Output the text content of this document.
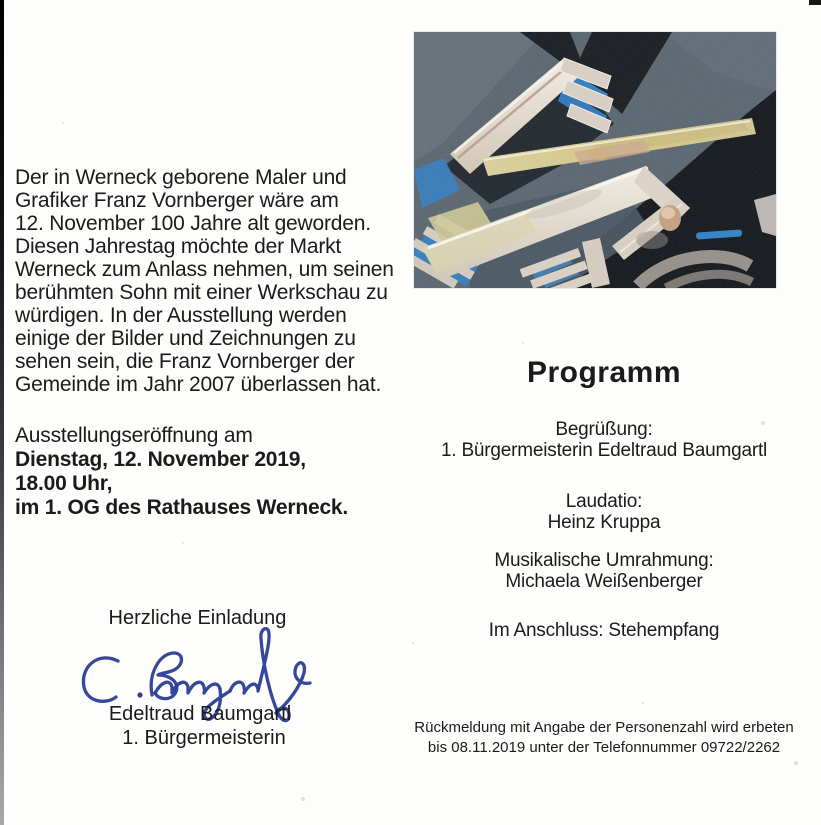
Der in Werneck geborene Maler und
Grafiker Franz Vornberger wäre am
12. November 100 Jahre alt geworden.
Diesen Jahrestag möchte der Markt
Werneck zum Anlass nehmen, um seinen
berühmten Sohn mit einer Werkschau zu
würdigen. In der Ausstellung werden
einige der Bilder und Zeichnungen zu
sehen sein, die Franz Vornberger der
Gemeinde im Jahr 2007 überlassen hat.
Ausstellungseröffnung am
Dienstag, 12. November 2019,
18.00 Uhr,
im 1. OG des Rathauses Werneck.
Herzliche Einladung
Edeltraud Baumgartl
1. Bürgermeisterin
Programm
Begrüßung:
1. Bürgermeisterin Edeltraud Baumgartl
Laudatio:
Heinz Kruppa
Musikalische Umrahmung:
Michaela Weißenberger
Im Anschluss: Stehempfang
Rückmeldung mit Angabe der Personenzahl wird erbeten
bis 08.11.2019 unter der Telefonnummer 09722/2262
